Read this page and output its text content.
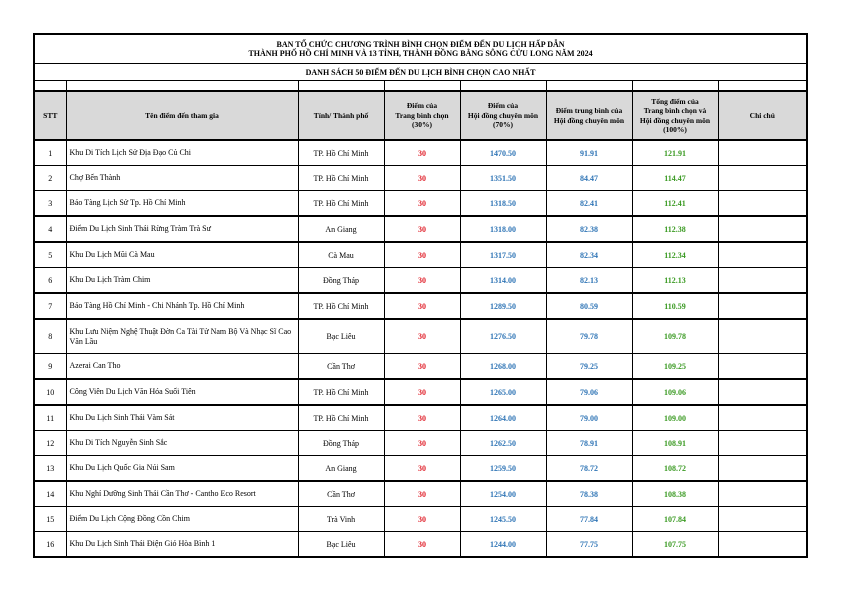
BAN TỔ CHỨC CHƯƠNG TRÌNH BÌNH CHỌN ĐIỂM ĐẾN DU LỊCH HẤP DẪN
THÀNH PHỐ HỒ CHÍ MINH VÀ 13 TỈNH, THÀNH ĐỒNG BẰNG SÔNG CỬU LONG NĂM 2024							

DANH SÁCH 50 ĐIỂM ĐẾN DU LỊCH BÌNH CHỌN CAO NHẤT							

STT	Tên điểm đến tham gia	Tỉnh/ Thành phố	Điểm của
Trang bình chọn
(30%)	Điểm của
Hội đồng chuyên môn
(70%)	Điểm trung bình của
Hội đồng chuyên môn	Tổng điểm của
Trang bình chọn và
Hội đồng chuyên môn
(100%)	Chi chú
1	Khu Di Tích Lịch Sử Địa Đạo Củ Chi	TP. Hồ Chí Minh	30	1470.50	91.91	121.91	
2	Chợ Bến Thành	TP. Hồ Chí Minh	30	1351.50	84.47	114.47	
3	Bảo Tàng Lịch Sử Tp. Hồ Chí Minh	TP. Hồ Chí Minh	30	1318.50	82.41	112.41	
4	Điểm Du Lịch Sinh Thái Rừng Tràm Trà Sư	An Giang	30	1318.00	82.38	112.38	
5	Khu Du Lịch Mũi Cà Mau	Cà Mau	30	1317.50	82.34	112.34	
6	Khu Du Lịch Tràm Chim	Đồng Tháp	30	1314.00	82.13	112.13	
7	Bảo Tàng Hồ Chí Minh - Chi Nhánh Tp. Hồ Chí Minh	TP. Hồ Chí Minh	30	1289.50	80.59	110.59	
8	Khu Lưu Niệm Nghệ Thuật Đờn Ca Tài Tử Nam Bộ Và Nhạc Sĩ Cao Văn Lầu	Bạc Liêu	30	1276.50	79.78	109.78	
9	Azerai Can Tho	Cần Thơ	30	1268.00	79.25	109.25	
10	Công Viên Du Lịch Văn Hóa Suối Tiên	TP. Hồ Chí Minh	30	1265.00	79.06	109.06	
11	Khu Du Lịch Sinh Thái Vàm Sát	TP. Hồ Chí Minh	30	1264.00	79.00	109.00	
12	Khu Di Tích Nguyễn Sinh Sắc	Đồng Tháp	30	1262.50	78.91	108.91	
13	Khu Du Lịch Quốc Gia Núi Sam	An Giang	30	1259.50	78.72	108.72	
14	Khu Nghỉ Dưỡng Sinh Thái Cần Thơ - Cantho Eco Resort	Cần Thơ	30	1254.00	78.38	108.38	
15	Điểm Du Lịch Cộng Đồng Cồn Chim	Trà Vinh	30	1245.50	77.84	107.84	
16	Khu Du Lịch Sinh Thái Điện Gió Hòa Bình 1	Bạc Liêu	30	1244.00	77.75	107.75	
